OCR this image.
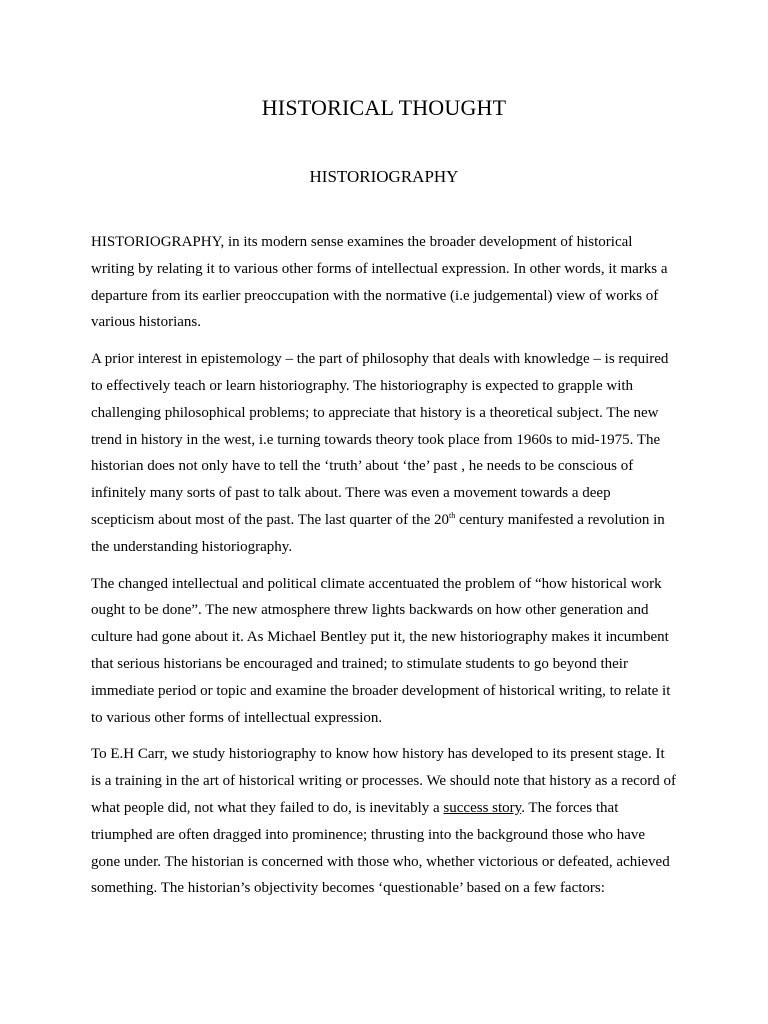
HISTORICAL THOUGHT
HISTORIOGRAPHY

HISTORIOGRAPHY, in its modern sense examines the broader development of historical writing by relating it to various other forms of intellectual expression. In other words, it marks a departure from its earlier preoccupation with the normative (i.e judgemental) view of works of various historians.

A prior interest in epistemology – the part of philosophy that deals with knowledge – is required to effectively teach or learn historiography. The historiography is expected to grapple with challenging philosophical problems; to appreciate that history is a theoretical subject. The new trend in history in the west, i.e turning towards theory took place from 1960s to mid-1975. The historian does not only have to tell the ‘truth’ about ‘the’ past , he needs to be conscious of infinitely many sorts of past to talk about. There was even a movement towards a deep scepticism about most of the past. The last quarter of the 20th century manifested a revolution in the understanding historiography.

The changed intellectual and political climate accentuated the problem of “how historical work ought to be done”. The new atmosphere threw lights backwards on how other generation and culture had gone about it. As Michael Bentley put it, the new historiography makes it incumbent that serious historians be encouraged and trained; to stimulate students to go beyond their immediate period or topic and examine the broader development of historical writing, to relate it to various other forms of intellectual expression.

To E.H Carr, we study historiography to know how history has developed to its present stage. It is a training in the art of historical writing or processes. We should note that history as a record of what people did, not what they failed to do, is inevitably a success story. The forces that triumphed are often dragged into prominence; thrusting into the background those who have gone under. The historian is concerned with those who, whether victorious or defeated, achieved something. The historian’s objectivity becomes ‘questionable’ based on a few factors:
